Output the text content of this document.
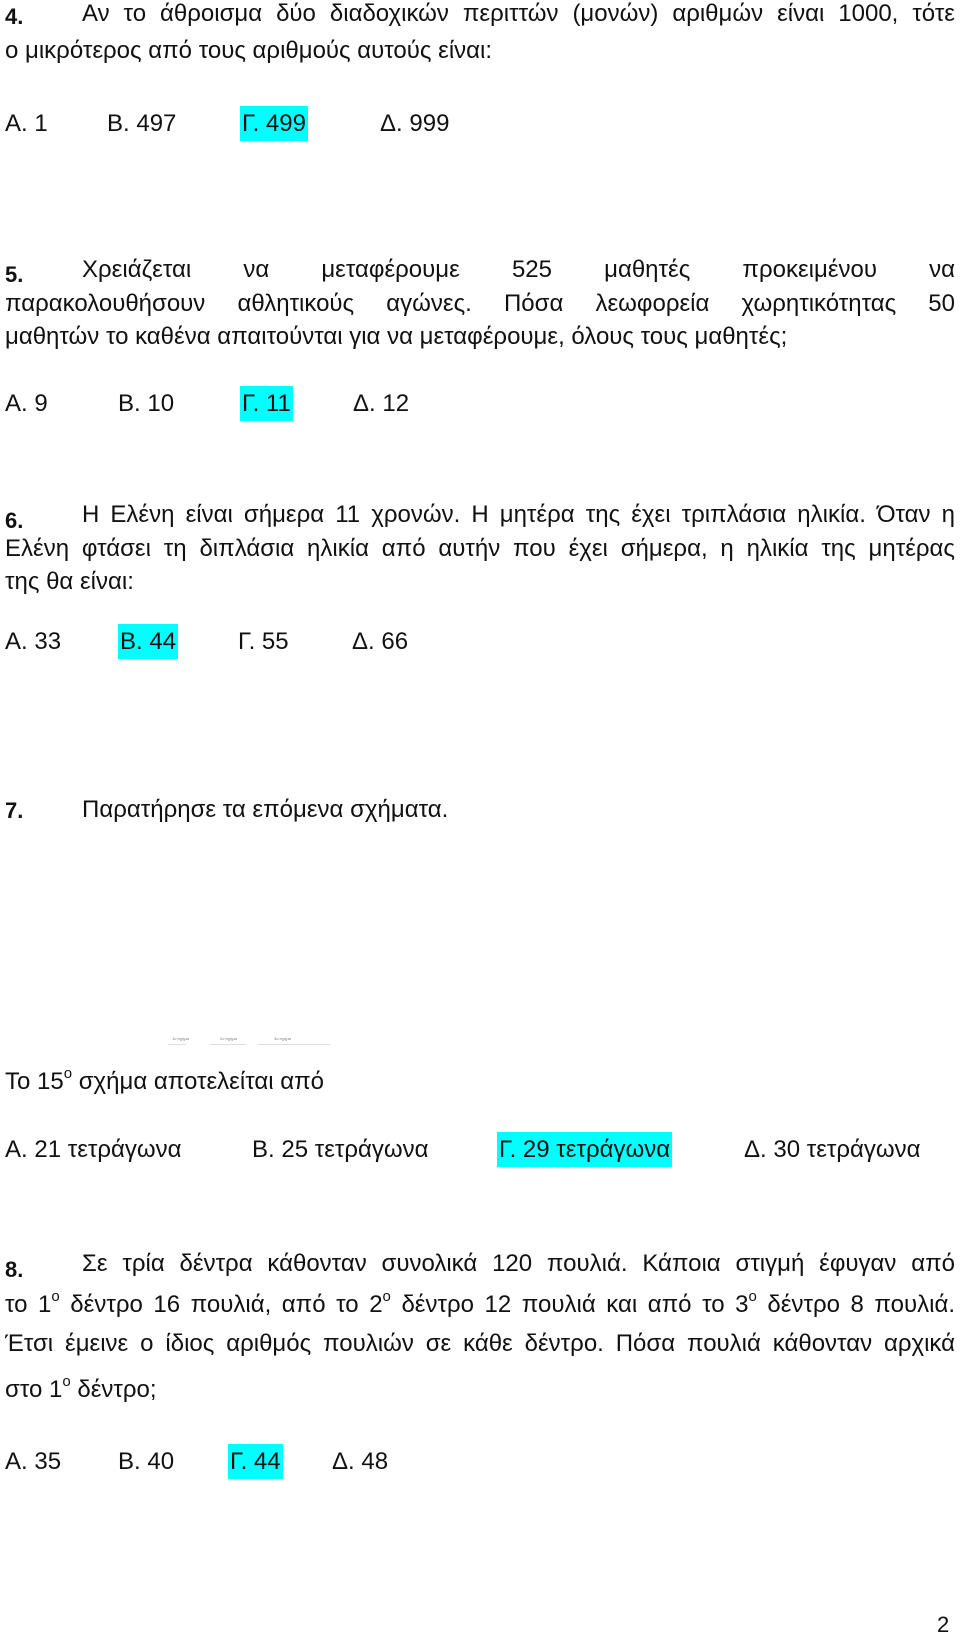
4. Αν το άθροισμα δύο διαδοχικών περιττών (μονών) αριθμών είναι 1000, τότε
ο μικρότερος από τους αριθμούς αυτούς είναι:
Α. 1 Β. 497	Γ. 499	Δ. 999
5. Χρειάζεται να μεταφέρουμε 525 μαθητές προκειμένου να
παρακολουθήσουν αθλητικούς αγώνες. Πόσα λεωφορεία χωρητικότητας 50
μαθητών το καθένα απαιτούνται για να μεταφέρουμε, όλους τους μαθητές;
Α. 9	Β. 10	Γ. 11	Δ. 12
6. Η Ελένη είναι σήμερα 11 χρονών. Η μητέρα της έχει τριπλάσια ηλικία. Όταν η
Ελένη φτάσει τη διπλάσια ηλικία από αυτήν που έχει σήμερα, η ηλικία της μητέρας
της θα είναι:
Α. 33 Β. 44	Γ. 55	Δ. 66
7. Παρατήρησε τα επόμενα σχήματα.
1ο σχήμα	2ο σχήμα	3ο σχήμα
Το $15^o$ σχήμα αποτελείται από
Α. 21 τετράγωνα	Β. 25 τετράγωνα	Γ. 29 τετράγωνα	Δ. 30 τετράγωνα
8. Σε τρία δέντρα κάθονταν συνολικά 120 πουλιά. Κάποια στιγμή έφυγαν από
το $1^o$ δέντρο 16 πουλιά, από το $2^o$ δέντρο 12 πουλιά και από το $3^o$ δέντρο 8 πουλιά.
Έτσι έμεινε ο ίδιος αριθμός πουλιών σε κάθε δέντρο. Πόσα πουλιά κάθονταν αρχικά
στο $1^o$ δέντρο;
Α. 35 Β. 40 Γ. 44 Δ. 48
2
